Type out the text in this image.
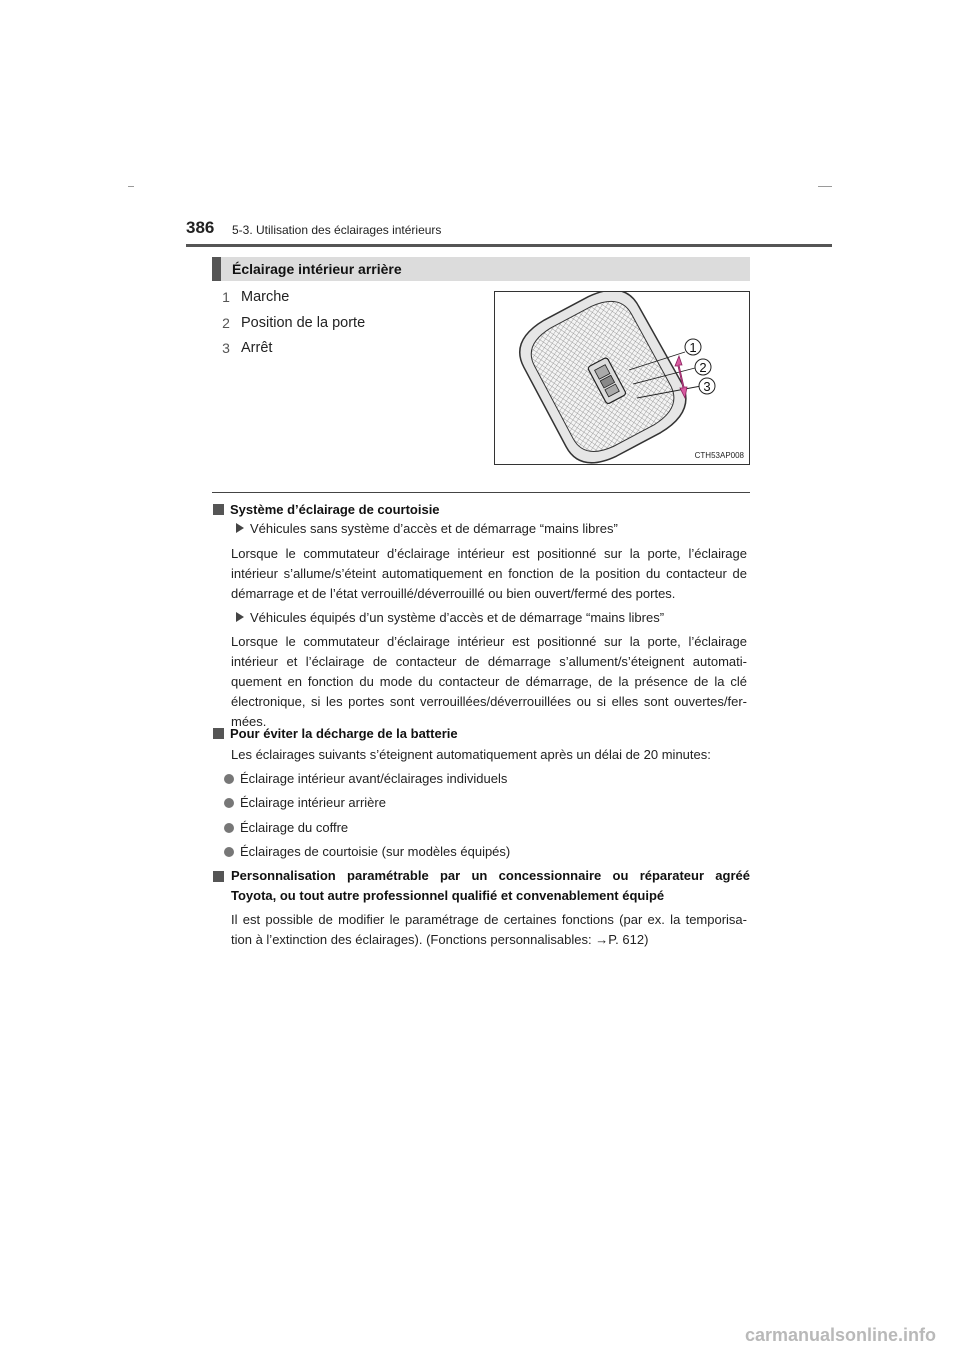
386 5-3. Utilisation des éclairages intérieurs
Éclairage intérieur arrière
1 Marche
2 Position de la porte
3 Arrêt	1
2
3
CTH53AP008
Système d’éclairage de courtoisie
Véhicules sans système d’accès et de démarrage “mains libres”
Lorsque le commutateur d’éclairage intérieur est positionné sur la porte, l’éclairage
intérieur s’allume/s’éteint automatiquement en fonction de la position du contacteur de
démarrage et de l’état verrouillé/déverrouillé ou bien ouvert/fermé des portes.
Véhicules équipés d’un système d’accès et de démarrage “mains libres”
Lorsque le commutateur d’éclairage intérieur est positionné sur la porte, l’éclairage
intérieur et l’éclairage de contacteur de démarrage s’allument/s’éteignent automati-
quement en fonction du mode du contacteur de démarrage, de la présence de la clé
électronique, si les portes sont verrouillées/déverrouillées ou si elles sont ouvertes/fer-
mées.
Pour éviter la décharge de la batterie
Les éclairages suivants s’éteignent automatiquement après un délai de 20 minutes:
Éclairage intérieur avant/éclairages individuels
Éclairage intérieur arrière
Éclairage du coffre
Éclairages de courtoisie (sur modèles équipés)
Personnalisation paramétrable par un concessionnaire ou réparateur agréé
Toyota, ou tout autre professionnel qualifié et convenablement équipé
Il est possible de modifier le paramétrage de certaines fonctions (par ex. la temporisa-
tion à l’extinction des éclairages). (Fonctions personnalisables: →P. 612)
carmanualsonline.info
